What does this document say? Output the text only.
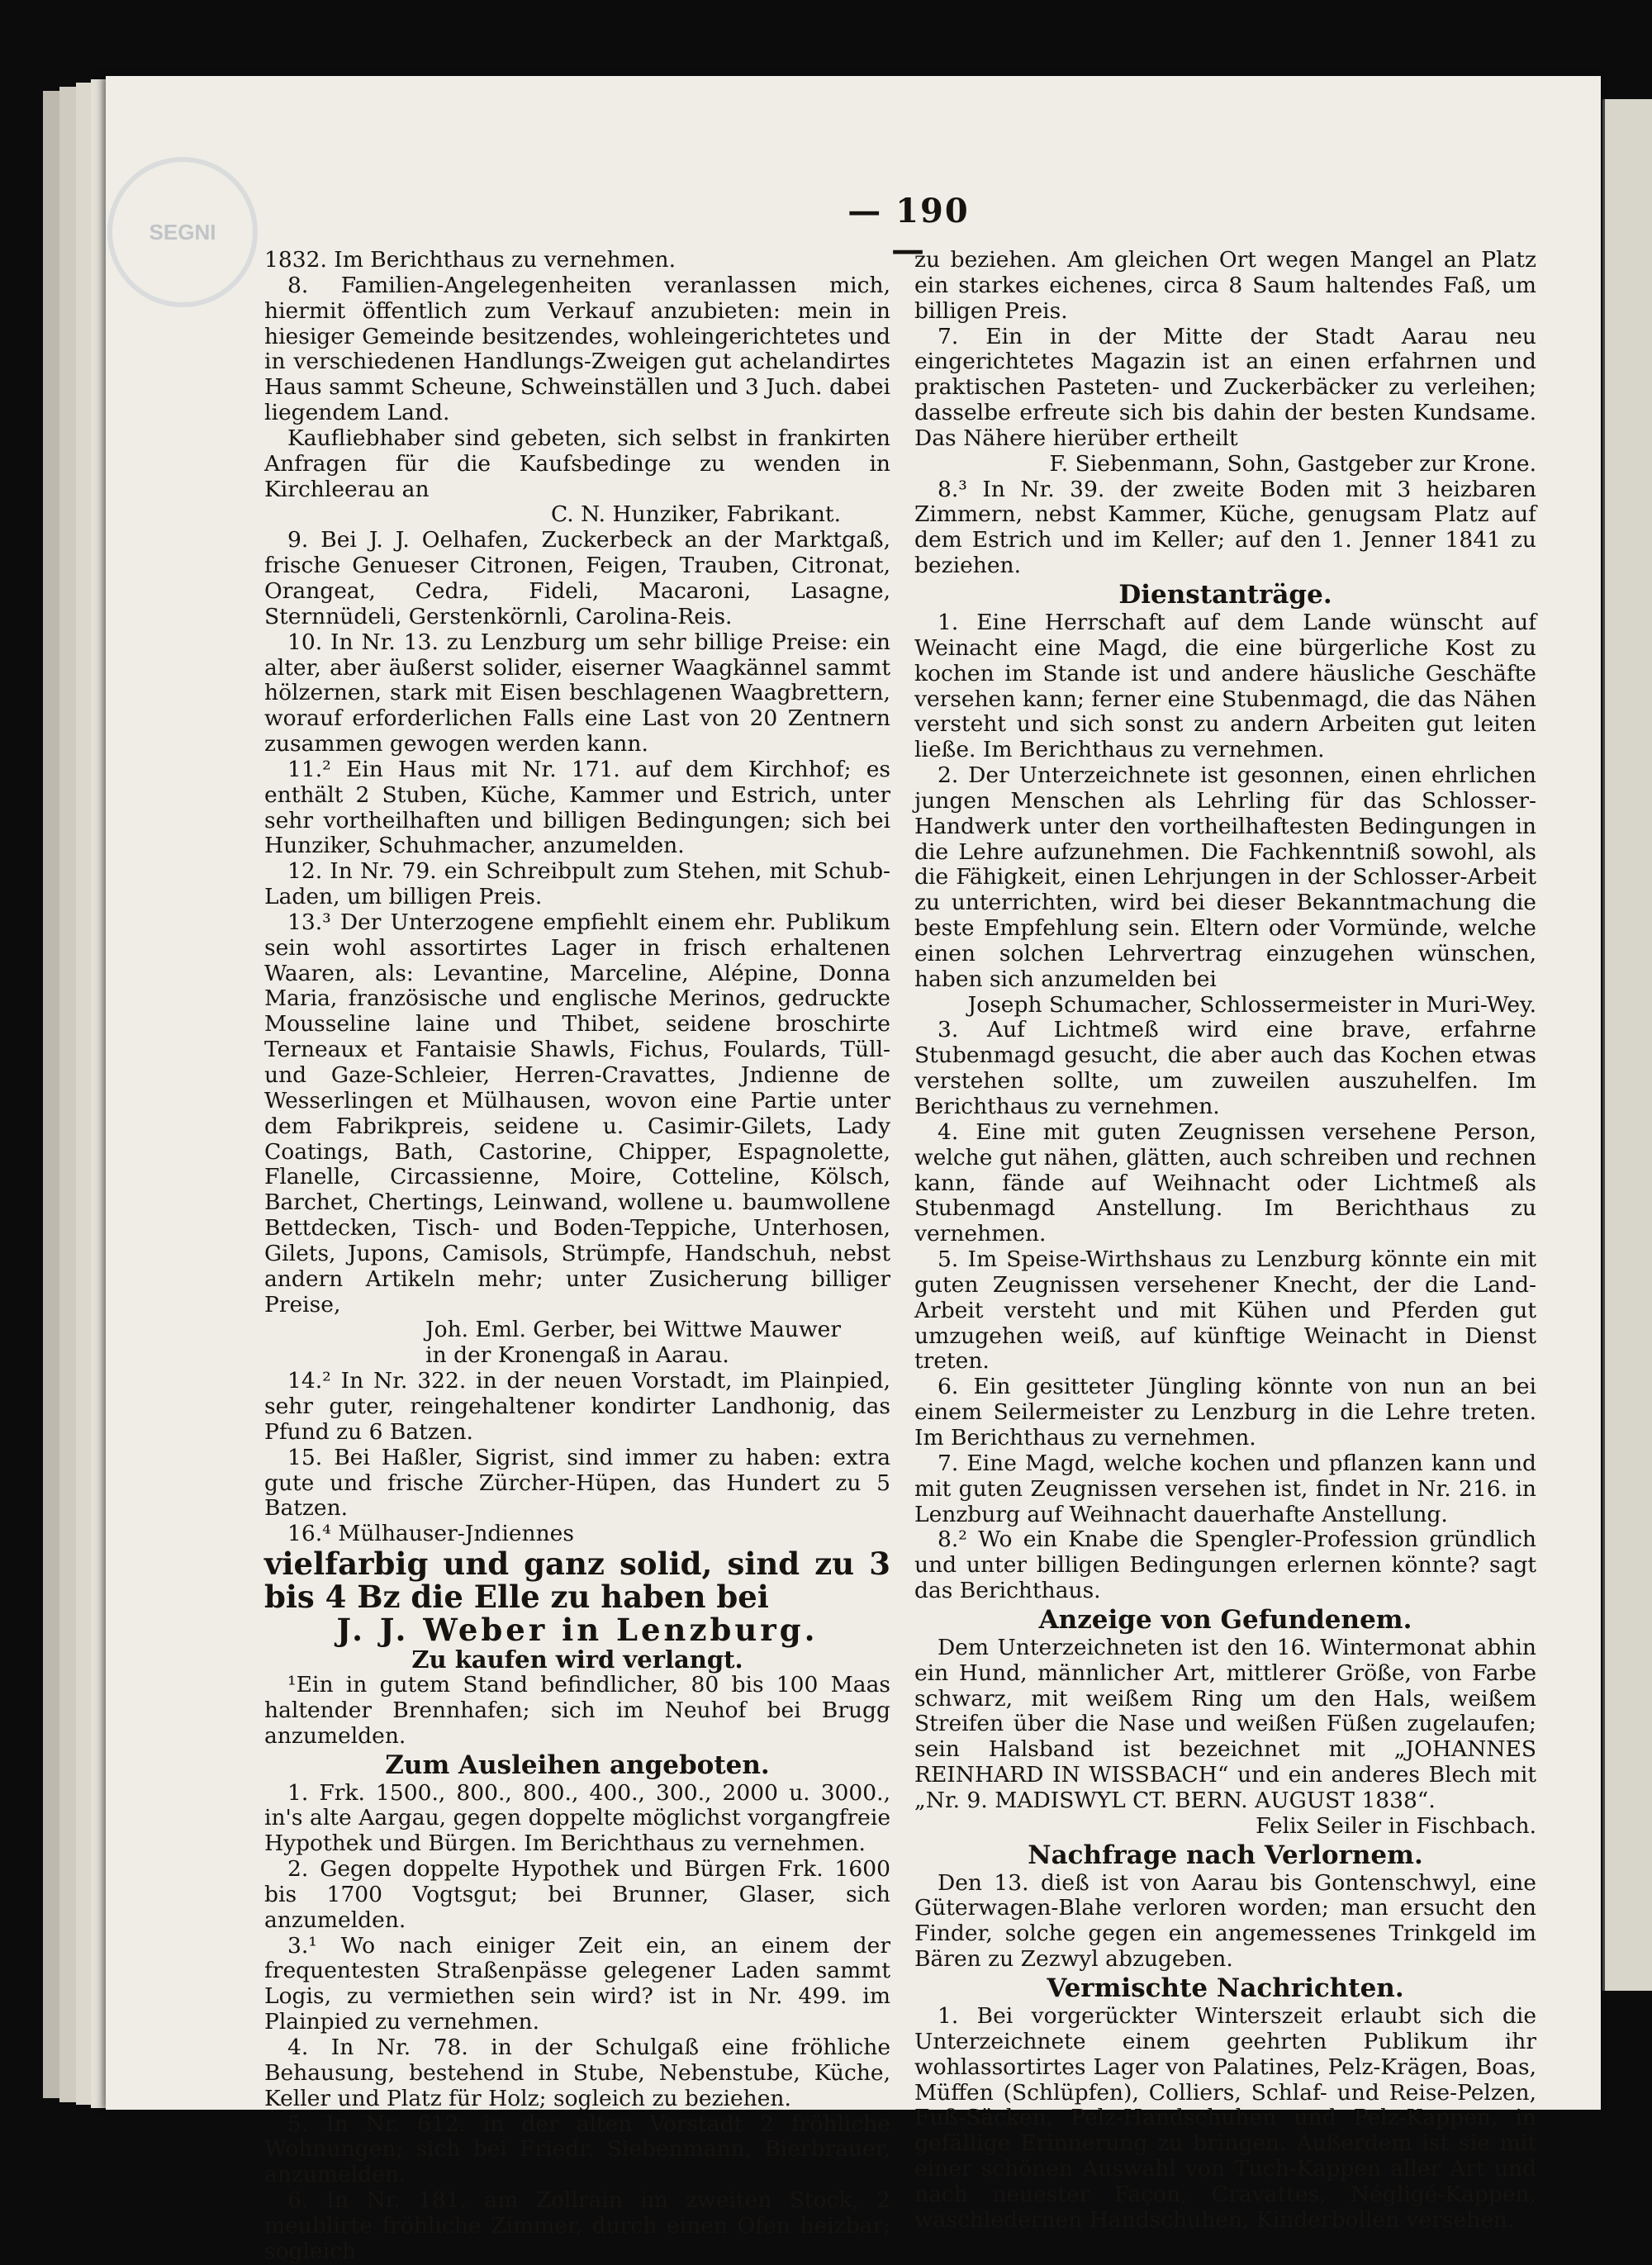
SEGNI
— 190 —

1832. Im Berichthaus zu vernehmen.

8. Familien-Angelegenheiten veranlassen mich, hiermit öffentlich zum Verkauf anzubieten: mein in hiesiger Gemeinde besitzendes, wohleingerichtetes und in verschiedenen Handlungs-Zweigen gut achelandirtes Haus sammt Scheune, Schweinställen und 3 Juch. dabei liegendem Land.

Kaufliebhaber sind gebeten, sich selbst in frankirten Anfragen für die Kaufsbedinge zu wenden in Kirchleerau an

C. N. Hunziker, Fabrikant.

9. Bei J. J. Oelhafen, Zuckerbeck an der Marktgaß, frische Genueser Citronen, Feigen, Trauben, Citronat, Orangeat, Cedra, Fideli, Macaroni, Lasagne, Sternnüdeli, Gerstenkörnli, Carolina-Reis.

10. In Nr. 13. zu Lenzburg um sehr billige Preise: ein alter, aber äußerst solider, eiserner Waagkännel sammt hölzernen, stark mit Eisen beschlagenen Waagbrettern, worauf erforderlichen Falls eine Last von 20 Zentnern zusammen gewogen werden kann.

11.² Ein Haus mit Nr. 171. auf dem Kirchhof; es enthält 2 Stuben, Küche, Kammer und Estrich, unter sehr vortheilhaften und billigen Bedingungen; sich bei Hunziker, Schuhmacher, anzumelden.

12. In Nr. 79. ein Schreibpult zum Stehen, mit Schub-Laden, um billigen Preis.

13.³ Der Unterzogene empfiehlt einem ehr. Publikum sein wohl assortirtes Lager in frisch erhaltenen Waaren, als: Levantine, Marceline, Alépine, Donna Maria, französische und englische Merinos, gedruckte Mousseline laine und Thibet, seidene broschirte Terneaux et Fantaisie Shawls, Fichus, Foulards, Tüll- und Gaze-Schleier, Herren-Cravattes, Jndienne de Wesserlingen et Mülhausen, wovon eine Partie unter dem Fabrikpreis, seidene u. Casimir-Gilets, Lady Coatings, Bath, Castorine, Chipper, Espagnolette, Flanelle, Circassienne, Moire, Cotteline, Kölsch, Barchet, Chertings, Leinwand, wollene u. baumwollene Bettdecken, Tisch- und Boden-Teppiche, Unterhosen, Gilets, Jupons, Camisols, Strümpfe, Handschuh, nebst andern Artikeln mehr; unter Zusicherung billiger Preise,

Joh. Eml. Gerber, bei Wittwe Mauwer

in der Kronengaß in Aarau.

14.² In Nr. 322. in der neuen Vorstadt, im Plainpied, sehr guter, reingehaltener kondirter Landhonig, das Pfund zu 6 Batzen.

15. Bei Haßler, Sigrist, sind immer zu haben: extra gute und frische Zürcher-Hüpen, das Hundert zu 5 Batzen.

16.⁴ Mülhauser-Jndiennes

vielfarbig und ganz solid, sind zu 3 bis 4 Bz die Elle zu haben bei

J. J. Weber in Lenzburg.

Zu kaufen wird verlangt.

¹Ein in gutem Stand befindlicher, 80 bis 100 Maas haltender Brennhafen; sich im Neuhof bei Brugg anzumelden.

Zum Ausleihen angeboten.

1. Frk. 1500., 800., 800., 400., 300., 2000 u. 3000., in's alte Aargau, gegen doppelte möglichst vorgangfreie Hypothek und Bürgen. Im Berichthaus zu vernehmen.

2. Gegen doppelte Hypothek und Bürgen Frk. 1600 bis 1700 Vogtsgut; bei Brunner, Glaser, sich anzumelden.

3.¹ Wo nach einiger Zeit ein, an einem der frequentesten Straßenpässe gelegener Laden sammt Logis, zu vermiethen sein wird? ist in Nr. 499. im Plainpied zu vernehmen.

4. In Nr. 78. in der Schulgaß eine fröhliche Behausung, bestehend in Stube, Nebenstube, Küche, Keller und Platz für Holz; sogleich zu beziehen.

5. In Nr. 612. in der alten Vorstadt 2 fröhliche Wohnungen; sich bei Friedr. Siebenmann, Bierbrauer, anzumelden.

6. In Nr. 181. am Zollrain im zweiten Stock, 2 meublirte fröhliche Zimmer, durch einen Ofen heizbar; sogleich

zu beziehen. Am gleichen Ort wegen Mangel an Platz ein starkes eichenes, circa 8 Saum haltendes Faß, um billigen Preis.

7. Ein in der Mitte der Stadt Aarau neu eingerichtetes Magazin ist an einen erfahrnen und praktischen Pasteten- und Zuckerbäcker zu verleihen; dasselbe erfreute sich bis dahin der besten Kundsame. Das Nähere hierüber ertheilt

F. Siebenmann, Sohn, Gastgeber zur Krone.

8.³ In Nr. 39. der zweite Boden mit 3 heizbaren Zimmern, nebst Kammer, Küche, genugsam Platz auf dem Estrich und im Keller; auf den 1. Jenner 1841 zu beziehen.

Dienstanträge.

1. Eine Herrschaft auf dem Lande wünscht auf Weinacht eine Magd, die eine bürgerliche Kost zu kochen im Stande ist und andere häusliche Geschäfte versehen kann; ferner eine Stubenmagd, die das Nähen versteht und sich sonst zu andern Arbeiten gut leiten ließe. Im Berichthaus zu vernehmen.

2. Der Unterzeichnete ist gesonnen, einen ehrlichen jungen Menschen als Lehrling für das Schlosser-Handwerk unter den vortheilhaftesten Bedingungen in die Lehre aufzunehmen. Die Fachkenntniß sowohl, als die Fähigkeit, einen Lehrjungen in der Schlosser-Arbeit zu unterrichten, wird bei dieser Bekanntmachung die beste Empfehlung sein. Eltern oder Vormünde, welche einen solchen Lehrvertrag einzugehen wünschen, haben sich anzumelden bei

Joseph Schumacher, Schlossermeister in Muri-Wey.

3. Auf Lichtmeß wird eine brave, erfahrne Stubenmagd gesucht, die aber auch das Kochen etwas verstehen sollte, um zuweilen auszuhelfen. Im Berichthaus zu vernehmen.

4. Eine mit guten Zeugnissen versehene Person, welche gut nähen, glätten, auch schreiben und rechnen kann, fände auf Weihnacht oder Lichtmeß als Stubenmagd Anstellung. Im Berichthaus zu vernehmen.

5. Im Speise-Wirthshaus zu Lenzburg könnte ein mit guten Zeugnissen versehener Knecht, der die Land-Arbeit versteht und mit Kühen und Pferden gut umzugehen weiß, auf künftige Weinacht in Dienst treten.

6. Ein gesitteter Jüngling könnte von nun an bei einem Seilermeister zu Lenzburg in die Lehre treten. Im Berichthaus zu vernehmen.

7. Eine Magd, welche kochen und pflanzen kann und mit guten Zeugnissen versehen ist, findet in Nr. 216. in Lenzburg auf Weihnacht dauerhafte Anstellung.

8.² Wo ein Knabe die Spengler-Profession gründlich und unter billigen Bedingungen erlernen könnte? sagt das Berichthaus.

Anzeige von Gefundenem.

Dem Unterzeichneten ist den 16. Wintermonat abhin ein Hund, männlicher Art, mittlerer Größe, von Farbe schwarz, mit weißem Ring um den Hals, weißem Streifen über die Nase und weißen Füßen zugelaufen; sein Halsband ist bezeichnet mit „JOHANNES REINHARD IN WISSBACH“ und ein anderes Blech mit „Nr. 9. MADISWYL CT. BERN. AUGUST 1838“.

Felix Seiler in Fischbach.

Nachfrage nach Verlornem.

Den 13. dieß ist von Aarau bis Gontenschwyl, eine Güterwagen-Blahe verloren worden; man ersucht den Finder, solche gegen ein angemessenes Trinkgeld im Bären zu Zezwyl abzugeben.

Vermischte Nachrichten.

1. Bei vorgerückter Winterszeit erlaubt sich die Unterzeichnete einem geehrten Publikum ihr wohlassortirtes Lager von Palatines, Pelz-Krägen, Boas, Müffen (Schlüpfen), Colliers, Schlaf- und Reise-Pelzen, Fuß-Säcken, Pelz-Handschuhen und Pelz-Kappen, in gefällige Erinnerung zu bringen. Außerdem ist sie mit einer schönen Auswahl von Tuch-Kappen aller Art und nach neuester Façon, Cravattes, Négligé-Kappen, waschledernen Handschuhen, Kinderbollen versehen.
